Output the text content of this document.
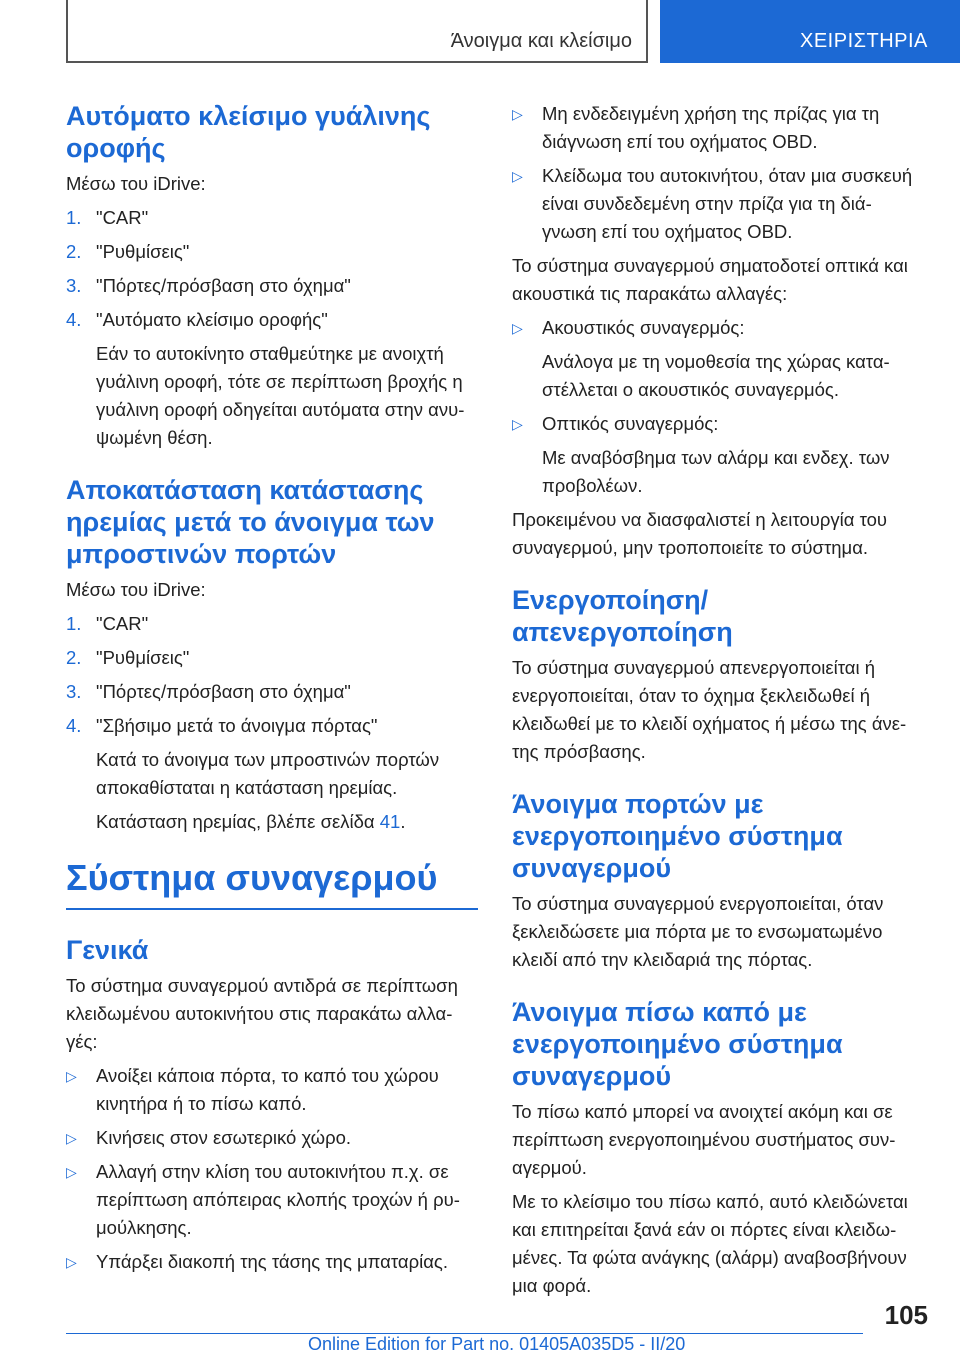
Άνοιγμα και κλείσιμο	ΧΕΙΡΙΣΤΗΡΙΑ
Αυτόματο κλείσιμο γυάλινης οροφής

Μέσω του iDrive:

1. "CAR"
2. "Ρυθμίσεις"
3. "Πόρτες/πρόσβαση στο όχημα"
4. "Αυτόματο κλείσιμο οροφής"

Εάν το αυτοκίνητο σταθμεύτηκε με ανοιχτή γυάλινη οροφή, τότε σε περίπτωση βροχής η γυάλινη οροφή οδηγείται αυτόματα στην ανυ- ψωμένη θέση.

Αποκατάσταση κατάστασης ηρεμίας μετά το άνοιγμα των μπροστινών πορτών

Μέσω του iDrive:

1. "CAR"
2. "Ρυθμίσεις"
3. "Πόρτες/πρόσβαση στο όχημα"
4. "Σβήσιμο μετά το άνοιγμα πόρτας"

Κατά το άνοιγμα των μπροστινών πορτών αποκαθίσταται η κατάσταση ηρεμίας.

Κατάσταση ηρεμίας, βλέπε σελίδα 41.

Σύστημα συναγερμού
Γενικά

Το σύστημα συναγερμού αντιδρά σε περίπτωση κλειδωμένου αυτοκινήτου στις παρακάτω αλλα- γές:

▷ Ανοίξει κάποια πόρτα, το καπό του χώρου κινητήρα ή το πίσω καπό.
▷ Κινήσεις στον εσωτερικό χώρο.
▷ Αλλαγή στην κλίση του αυτοκινήτου π.χ. σε περίπτωση απόπειρας κλοπής τροχών ή ρυ- μούλκησης.
▷ Υπάρξει διακοπή της τάσης της μπαταρίας.
▷ Μη ενδεδειγμένη χρήση της πρίζας για τη διάγνωση επί του οχήματος OBD.
▷ Κλείδωμα του αυτοκινήτου, όταν μια συσκευή είναι συνδεδεμένη στην πρίζα για τη διά- γνωση επί του οχήματος OBD.

Το σύστημα συναγερμού σηματοδοτεί οπτικά και ακουστικά τις παρακάτω αλλαγές:

▷ Ακουστικός συναγερμός:

Ανάλογα με τη νομοθεσία της χώρας κατα- στέλλεται ο ακουστικός συναγερμός.

▷ Οπτικός συναγερμός:

Με αναβόσβημα των αλάρμ και ενδεχ. των προβολέων.

Προκειμένου να διασφαλιστεί η λειτουργία του συναγερμού, μην τροποποιείτε το σύστημα.

Ενεργοποίηση/απενεργοποίηση

Το σύστημα συναγερμού απενεργοποιείται ή ενεργοποιείται, όταν το όχημα ξεκλειδωθεί ή κλειδωθεί με το κλειδί οχήματος ή μέσω της άνε- της πρόσβασης.

Άνοιγμα πορτών με ενεργοποιημένο σύστημα συναγερμού

Το σύστημα συναγερμού ενεργοποιείται, όταν ξεκλειδώσετε μια πόρτα με το ενσωματωμένο κλειδί από την κλειδαριά της πόρτας.

Άνοιγμα πίσω καπό με ενεργοποιημένο σύστημα συναγερμού

Το πίσω καπό μπορεί να ανοιχτεί ακόμη και σε περίπτωση ενεργοποιημένου συστήματος συν- αγερμού.

Με το κλείσιμο του πίσω καπό, αυτό κλειδώνεται και επιτηρείται ξανά εάν οι πόρτες είναι κλειδω- μένες. Τα φώτα ανάγκης (αλάρμ) αναβοσβήνουν μια φορά.

105
Online Edition for Part no. 01405A035D5 - II/20
